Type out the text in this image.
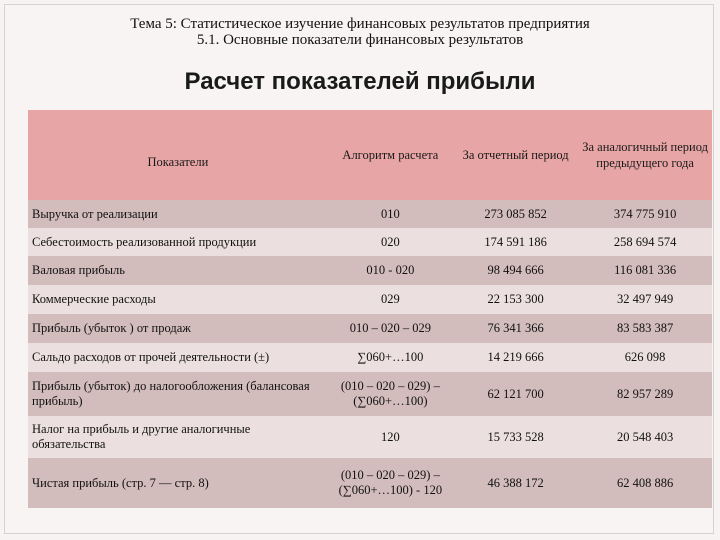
Тема 5: Статистическое изучение финансовых результатов предприятия
5.1. Основные показатели финансовых результатов
Расчет показателей прибыли
Показатели	Алгоритм расчета	За отчетный период	За аналогичный период предыдущего года
Выручка от реализации	010	273 085 852	374 775 910
Себестоимость реализованной продукции	020	174 591 186	258 694 574
Валовая прибыль	010 - 020	98 494 666	116 081 336
Коммерческие расходы	029	22 153 300	32 497 949
Прибыль (убыток ) от продаж	010 – 020 – 029	76 341 366	83 583 387
Сальдо расходов от прочей деятельности (±)	∑060+…100	14 219 666	626 098
Прибыль (убыток) до налогообложения (балансовая прибыль)	(010 – 020 – 029) – (∑060+…100)	62 121 700	82 957 289
Налог на прибыль и другие аналогичные обязательства	120	15 733 528	20 548 403
Чистая прибыль (стр. 7 — стр. 8)	(010 – 020 – 029) – (∑060+…100) - 120	46 388 172	62 408 886
